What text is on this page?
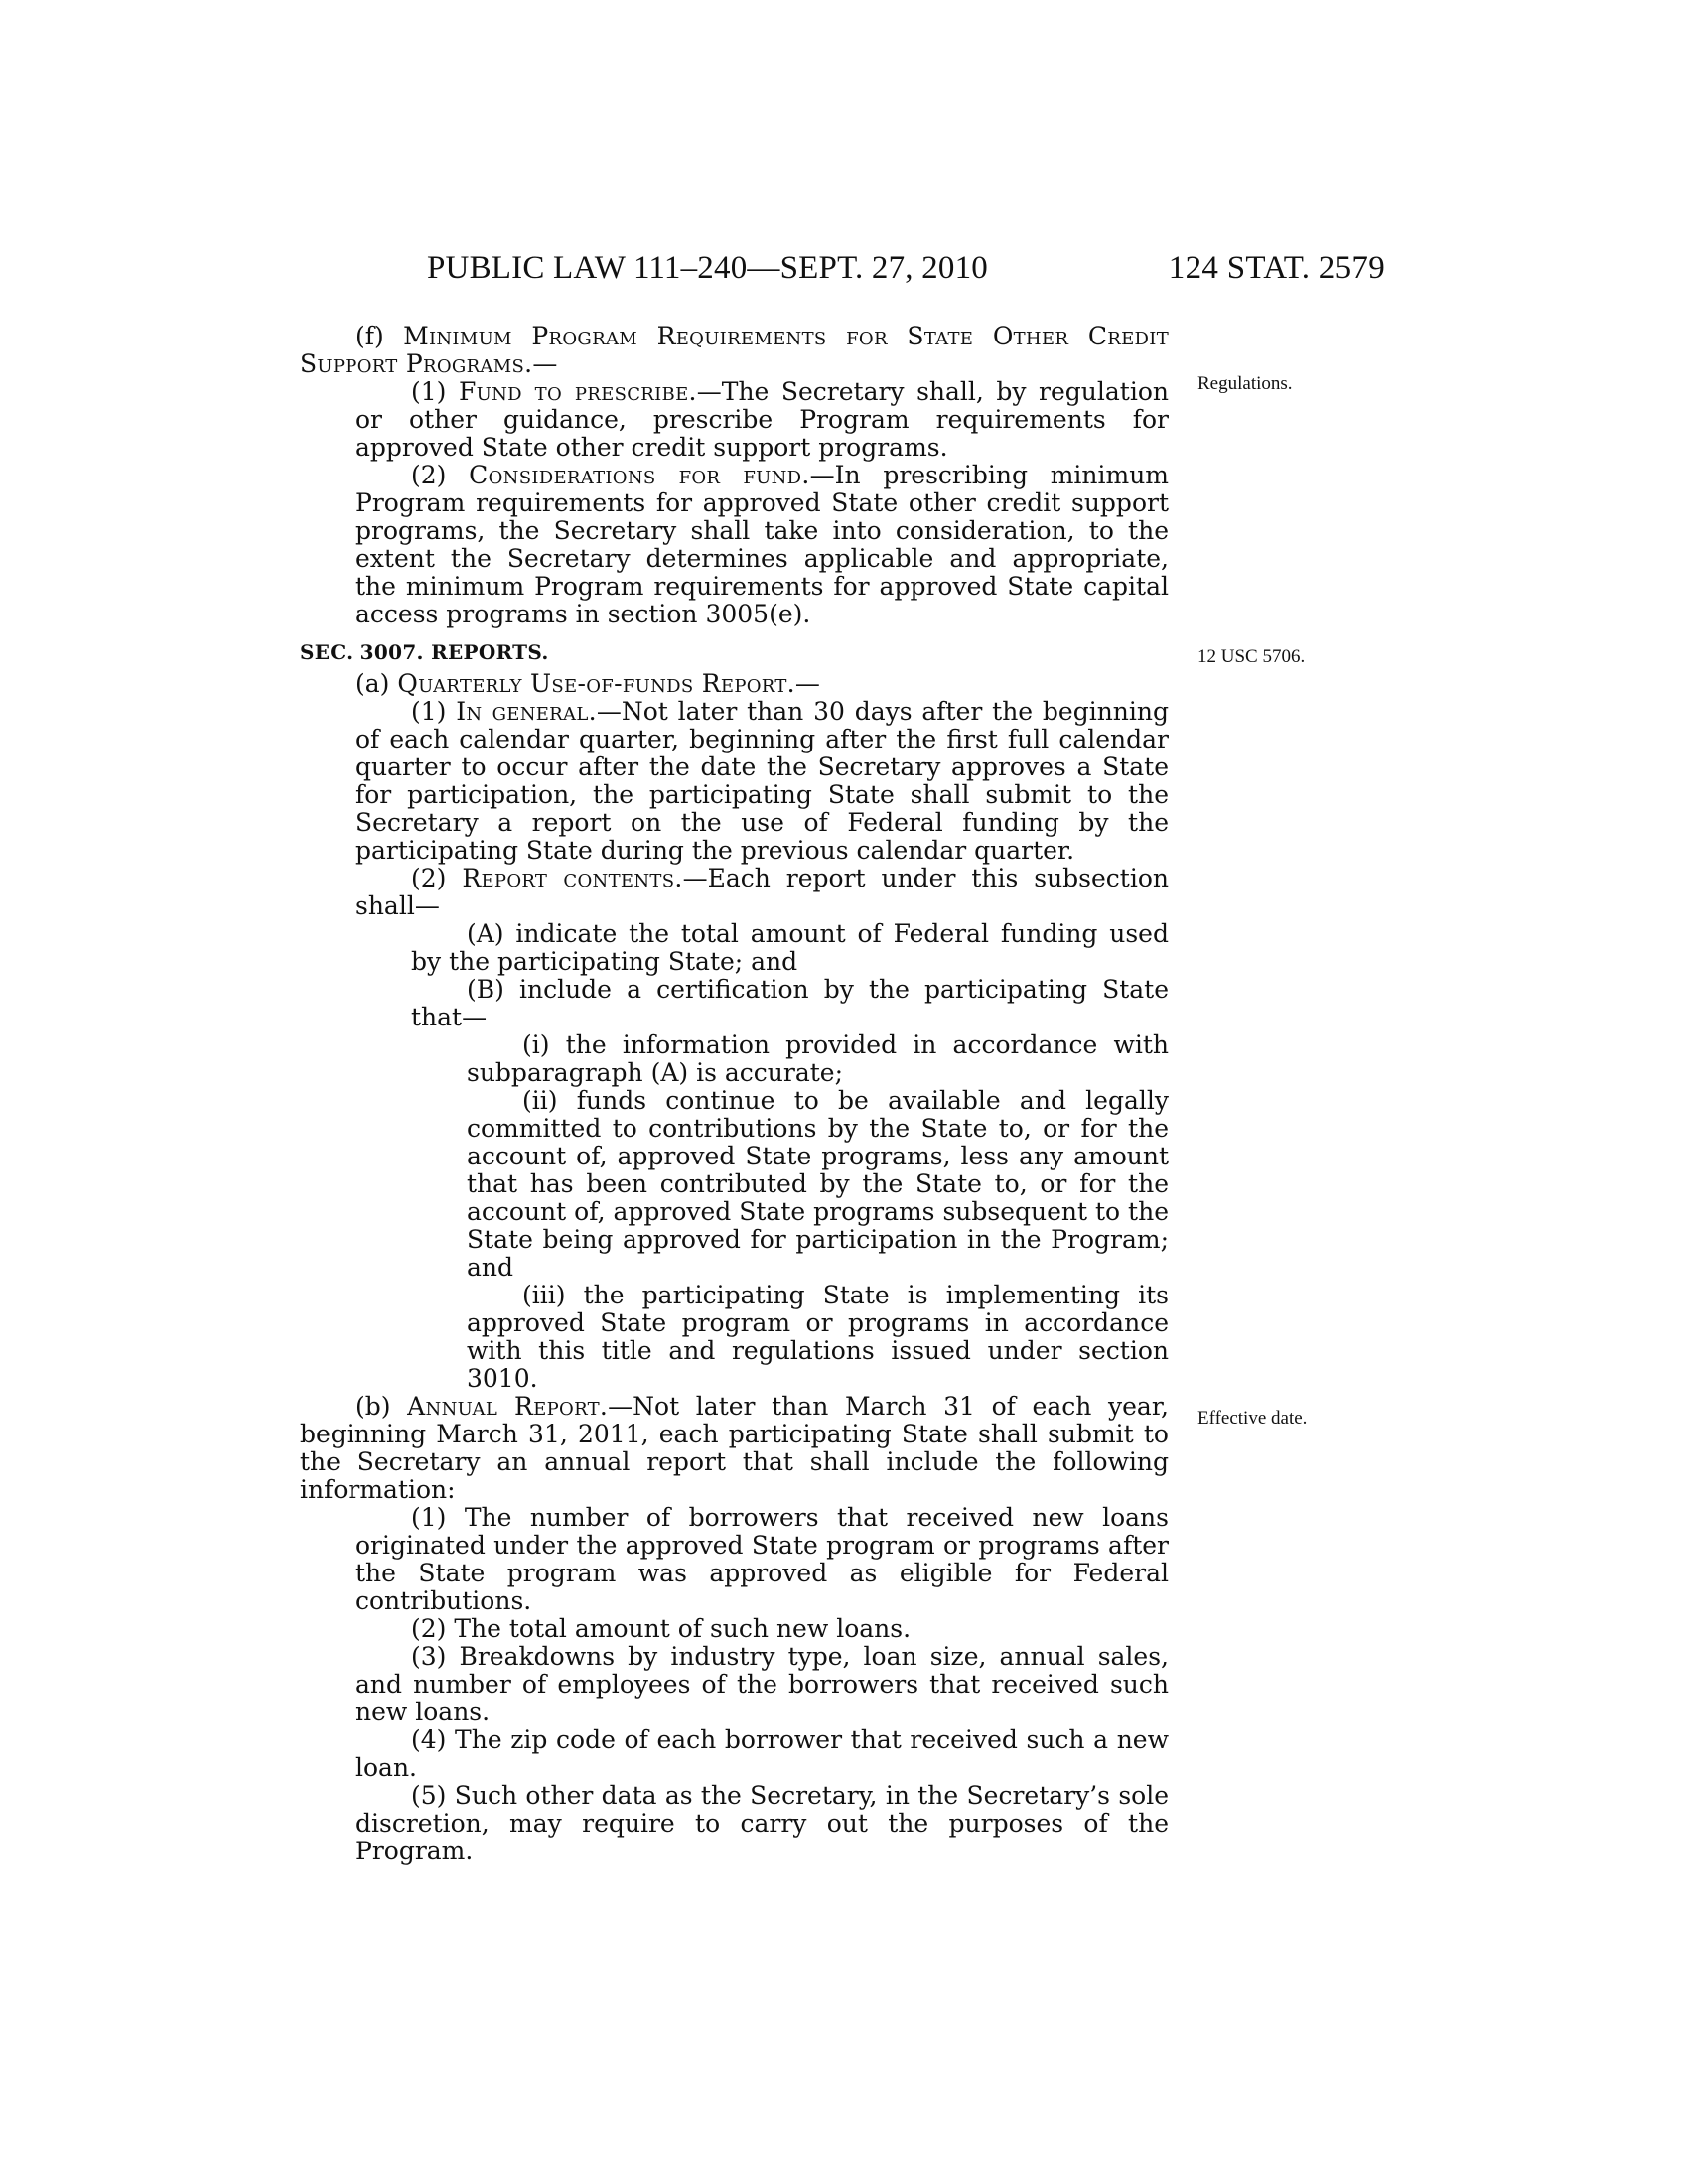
PUBLIC LAW 111–240—SEPT. 27, 2010	124 STAT. 2579
Regulations.
12 USC 5706.
Effective date.

(f) Minimum Program Requirements for State Other Credit Support Programs.—

(1) Fund to prescribe.—The Secretary shall, by regulation or other guidance, prescribe Program requirements for approved State other credit support programs.

(2) Considerations for fund.—In prescribing minimum Program requirements for approved State other credit support programs, the Secretary shall take into consideration, to the extent the Secretary determines applicable and appropriate, the minimum Program requirements for approved State capital access programs in section 3005(e).

SEC. 3007. REPORTS.

(a) Quarterly Use-of-funds Report.—

(1) In general.—Not later than 30 days after the beginning of each calendar quarter, beginning after the first full calendar quarter to occur after the date the Secretary approves a State for participation, the participating State shall submit to the Secretary a report on the use of Federal funding by the participating State during the previous calendar quarter.

(2) Report contents.—Each report under this subsection shall—

(A) indicate the total amount of Federal funding used by the participating State; and

(B) include a certification by the participating State that—

(i) the information provided in accordance with subparagraph (A) is accurate;

(ii) funds continue to be available and legally committed to contributions by the State to, or for the account of, approved State programs, less any amount that has been contributed by the State to, or for the account of, approved State programs subsequent to the State being approved for participation in the Program; and

(iii) the participating State is implementing its approved State program or programs in accordance with this title and regulations issued under section 3010.

(b) Annual Report.—Not later than March 31 of each year, beginning March 31, 2011, each participating State shall submit to the Secretary an annual report that shall include the following information:

(1) The number of borrowers that received new loans originated under the approved State program or programs after the State program was approved as eligible for Federal contributions.

(2) The total amount of such new loans.

(3) Breakdowns by industry type, loan size, annual sales, and number of employees of the borrowers that received such new loans.

(4) The zip code of each borrower that received such a new loan.

(5) Such other data as the Secretary, in the Secretary’s sole discretion, may require to carry out the purposes of the Program.
